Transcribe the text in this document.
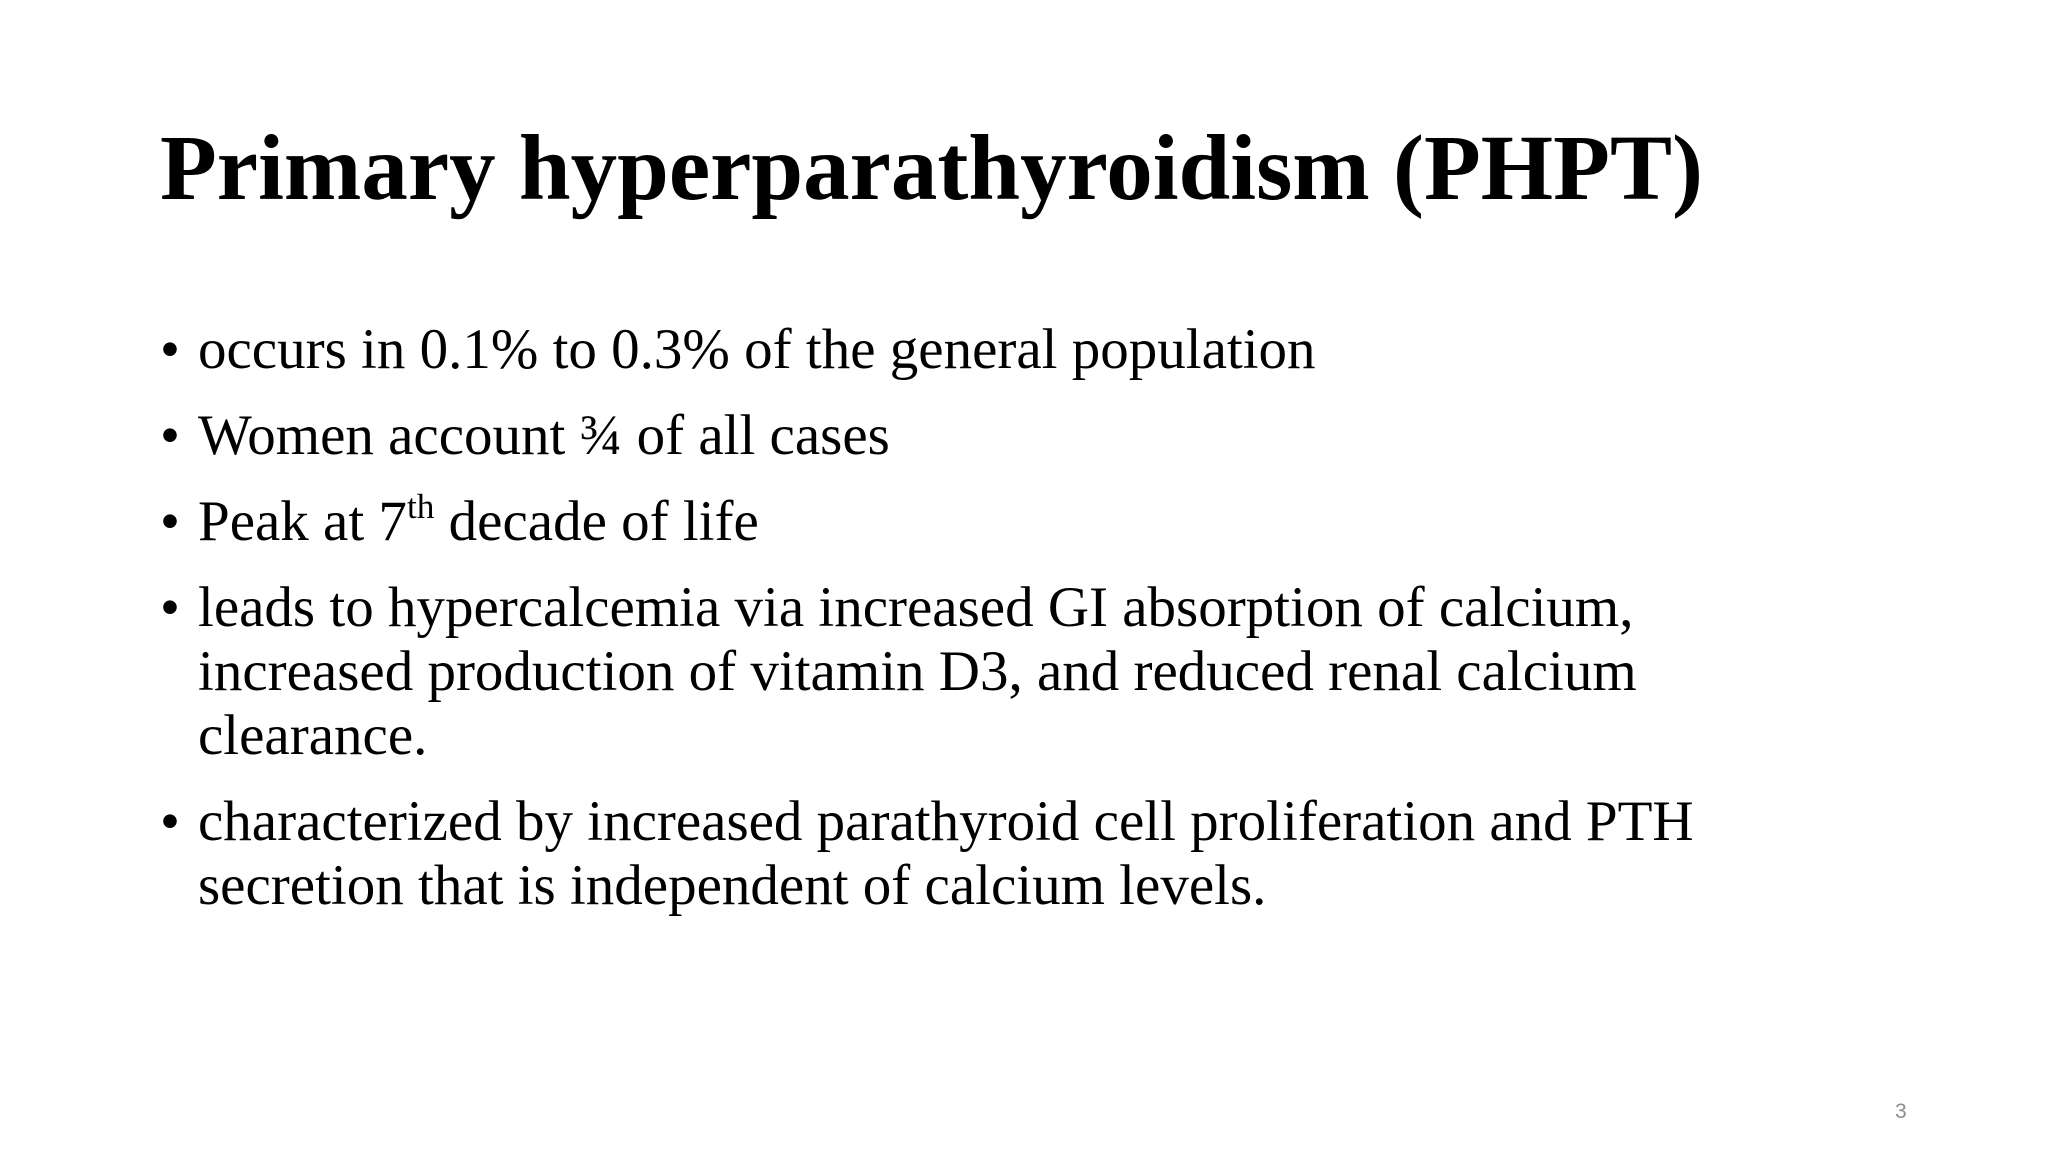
Primary hyperparathyroidism (PHPT)
• occurs in 0.1% to 0.3% of the general population
• Women account ¾ of all cases
• Peak at 7th decade of life
• leads to hypercalcemia via increased GI absorption of calcium, increased production of vitamin D3, and reduced renal calcium clearance.
• characterized by increased parathyroid cell proliferation and PTH secretion that is independent of calcium levels.
3
